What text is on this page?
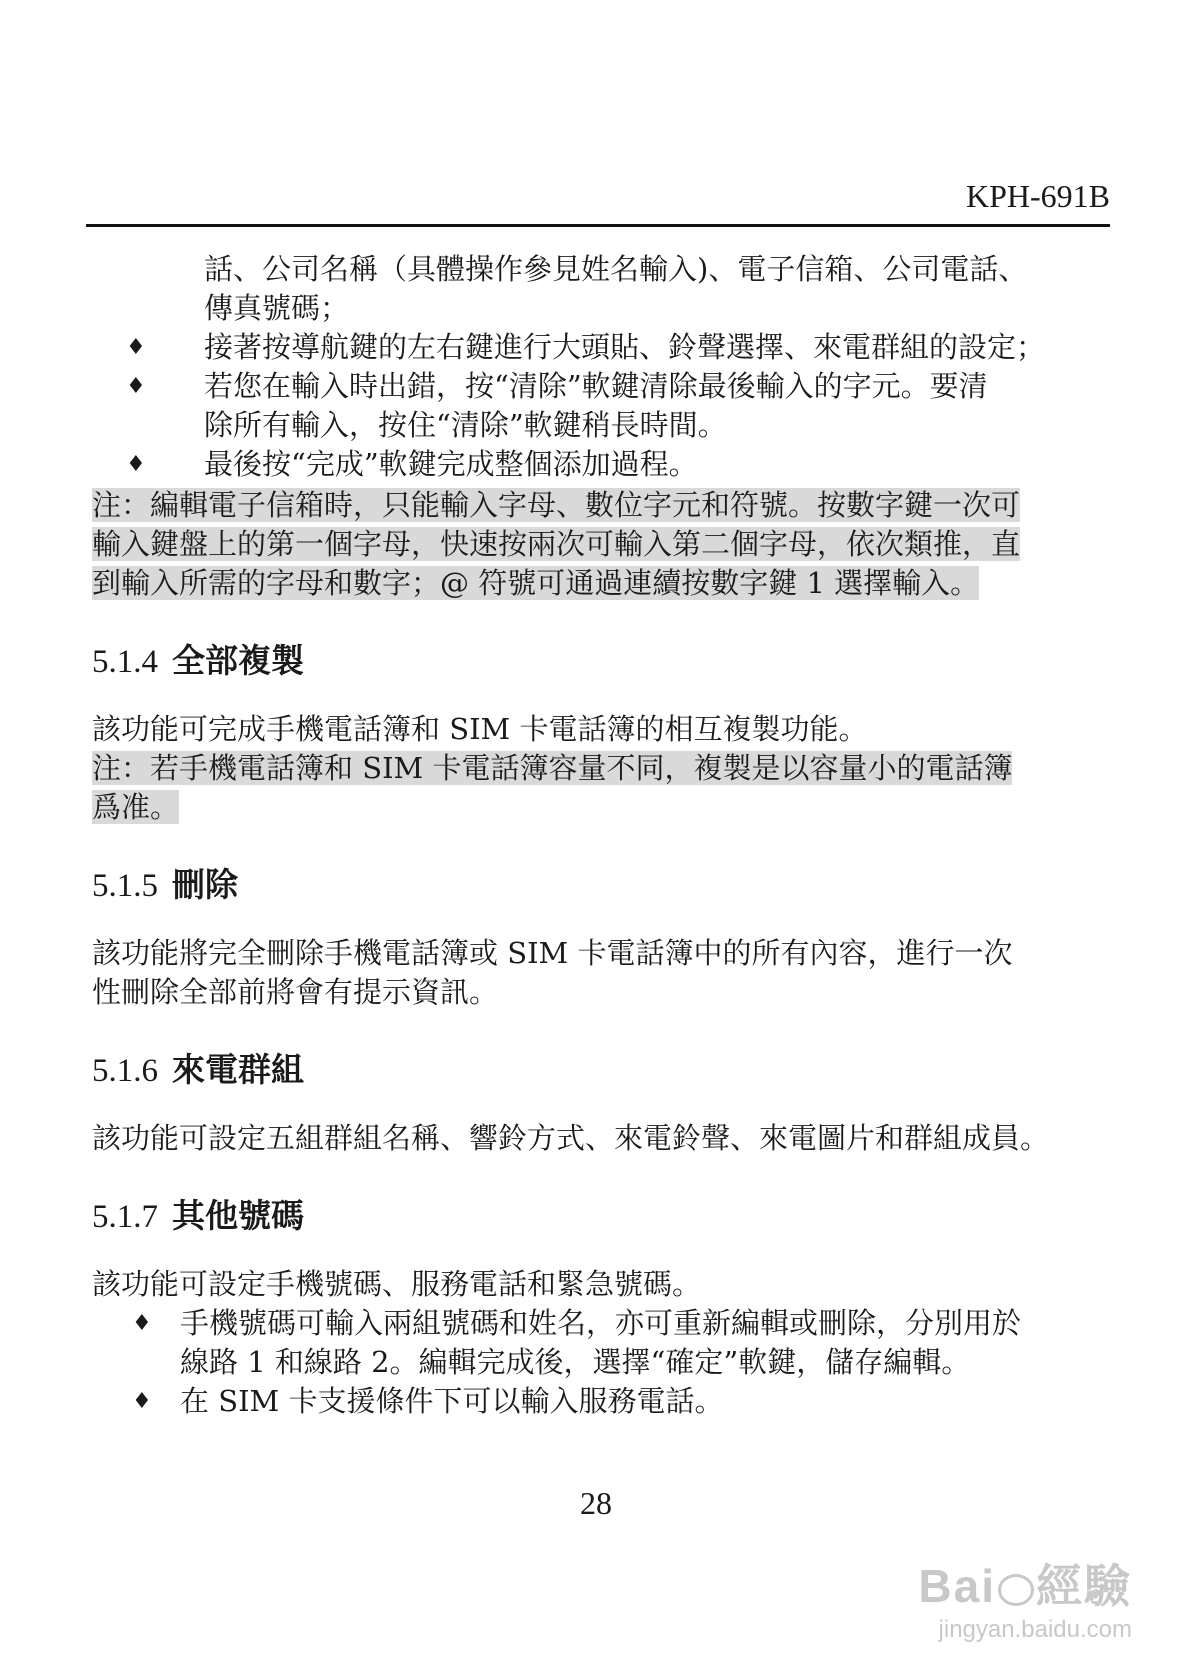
KPH-691B
話、公司名稱（具體操作參見姓名輸入)、電子信箱、公司電話、
傳真號碼；
♦ 接著按導航鍵的左右鍵進行大頭貼、鈴聲選擇、來電群組的設定；
♦ 若您在輸入時出錯，按“清除”軟鍵清除最後輸入的字元。要清
除所有輸入，按住“清除”軟鍵稍長時間。
♦ 最後按“完成”軟鍵完成整個添加過程。
注：編輯電子信箱時，只能輸入字母、數位字元和符號。按數字鍵一次可
輸入鍵盤上的第一個字母，快速按兩次可輸入第二個字母，依次類推，直
到輸入所需的字母和數字；@ 符號可通過連續按數字鍵 1 選擇輸入。
5.1.4 全部複製

該功能可完成手機電話簿和 SIM 卡電話簿的相互複製功能。

注：若手機電話簿和 SIM 卡電話簿容量不同，複製是以容量小的電話簿
爲准。
5.1.5 刪除
該功能將完全刪除手機電話簿或 SIM 卡電話簿中的所有內容，進行一次
性刪除全部前將會有提示資訊。
5.1.6 來電群組

該功能可設定五組群組名稱、響鈴方式、來電鈴聲、來電圖片和群組成員。

5.1.7 其他號碼

該功能可設定手機號碼、服務電話和緊急號碼。

♦ 手機號碼可輸入兩組號碼和姓名，亦可重新編輯或刪除，分別用於
線路 1 和線路 2。編輯完成後，選擇“確定”軟鍵，儲存編輯。
♦ 在 SIM 卡支援條件下可以輸入服務電話。
28
Bai 經驗
jingyan.baidu.com
